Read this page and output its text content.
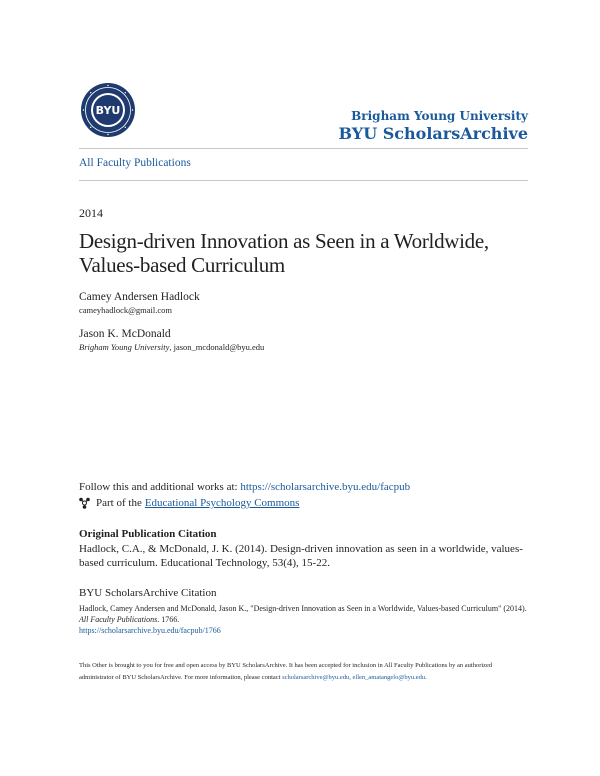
BYU	Brigham Young University
BYU ScholarsArchive
All Faculty Publications
2014
Design-driven Innovation as Seen in a Worldwide, Values-based Curriculum
Camey Andersen Hadlock
cameyhadlock@gmail.com
Jason K. McDonald
Brigham Young University, jason_mcdonald@byu.edu
Follow this and additional works at: https://scholarsarchive.byu.edu/facpub
Part of the Educational Psychology Commons
Original Publication Citation
Hadlock, C.A., & McDonald, J. K. (2014). Design-driven innovation as seen in a worldwide, values-based curriculum. Educational Technology, 53(4), 15-22.
BYU ScholarsArchive Citation
Hadlock, Camey Andersen and McDonald, Jason K., "Design-driven Innovation as Seen in a Worldwide, Values-based Curriculum" (2014). All Faculty Publications. 1766.
https://scholarsarchive.byu.edu/facpub/1766
This Other is brought to you for free and open access by BYU ScholarsArchive. It has been accepted for inclusion in All Faculty Publications by an authorized administrator of BYU ScholarsArchive. For more information, please contact scholarsarchive@byu.edu, ellen_amatangelo@byu.edu.
